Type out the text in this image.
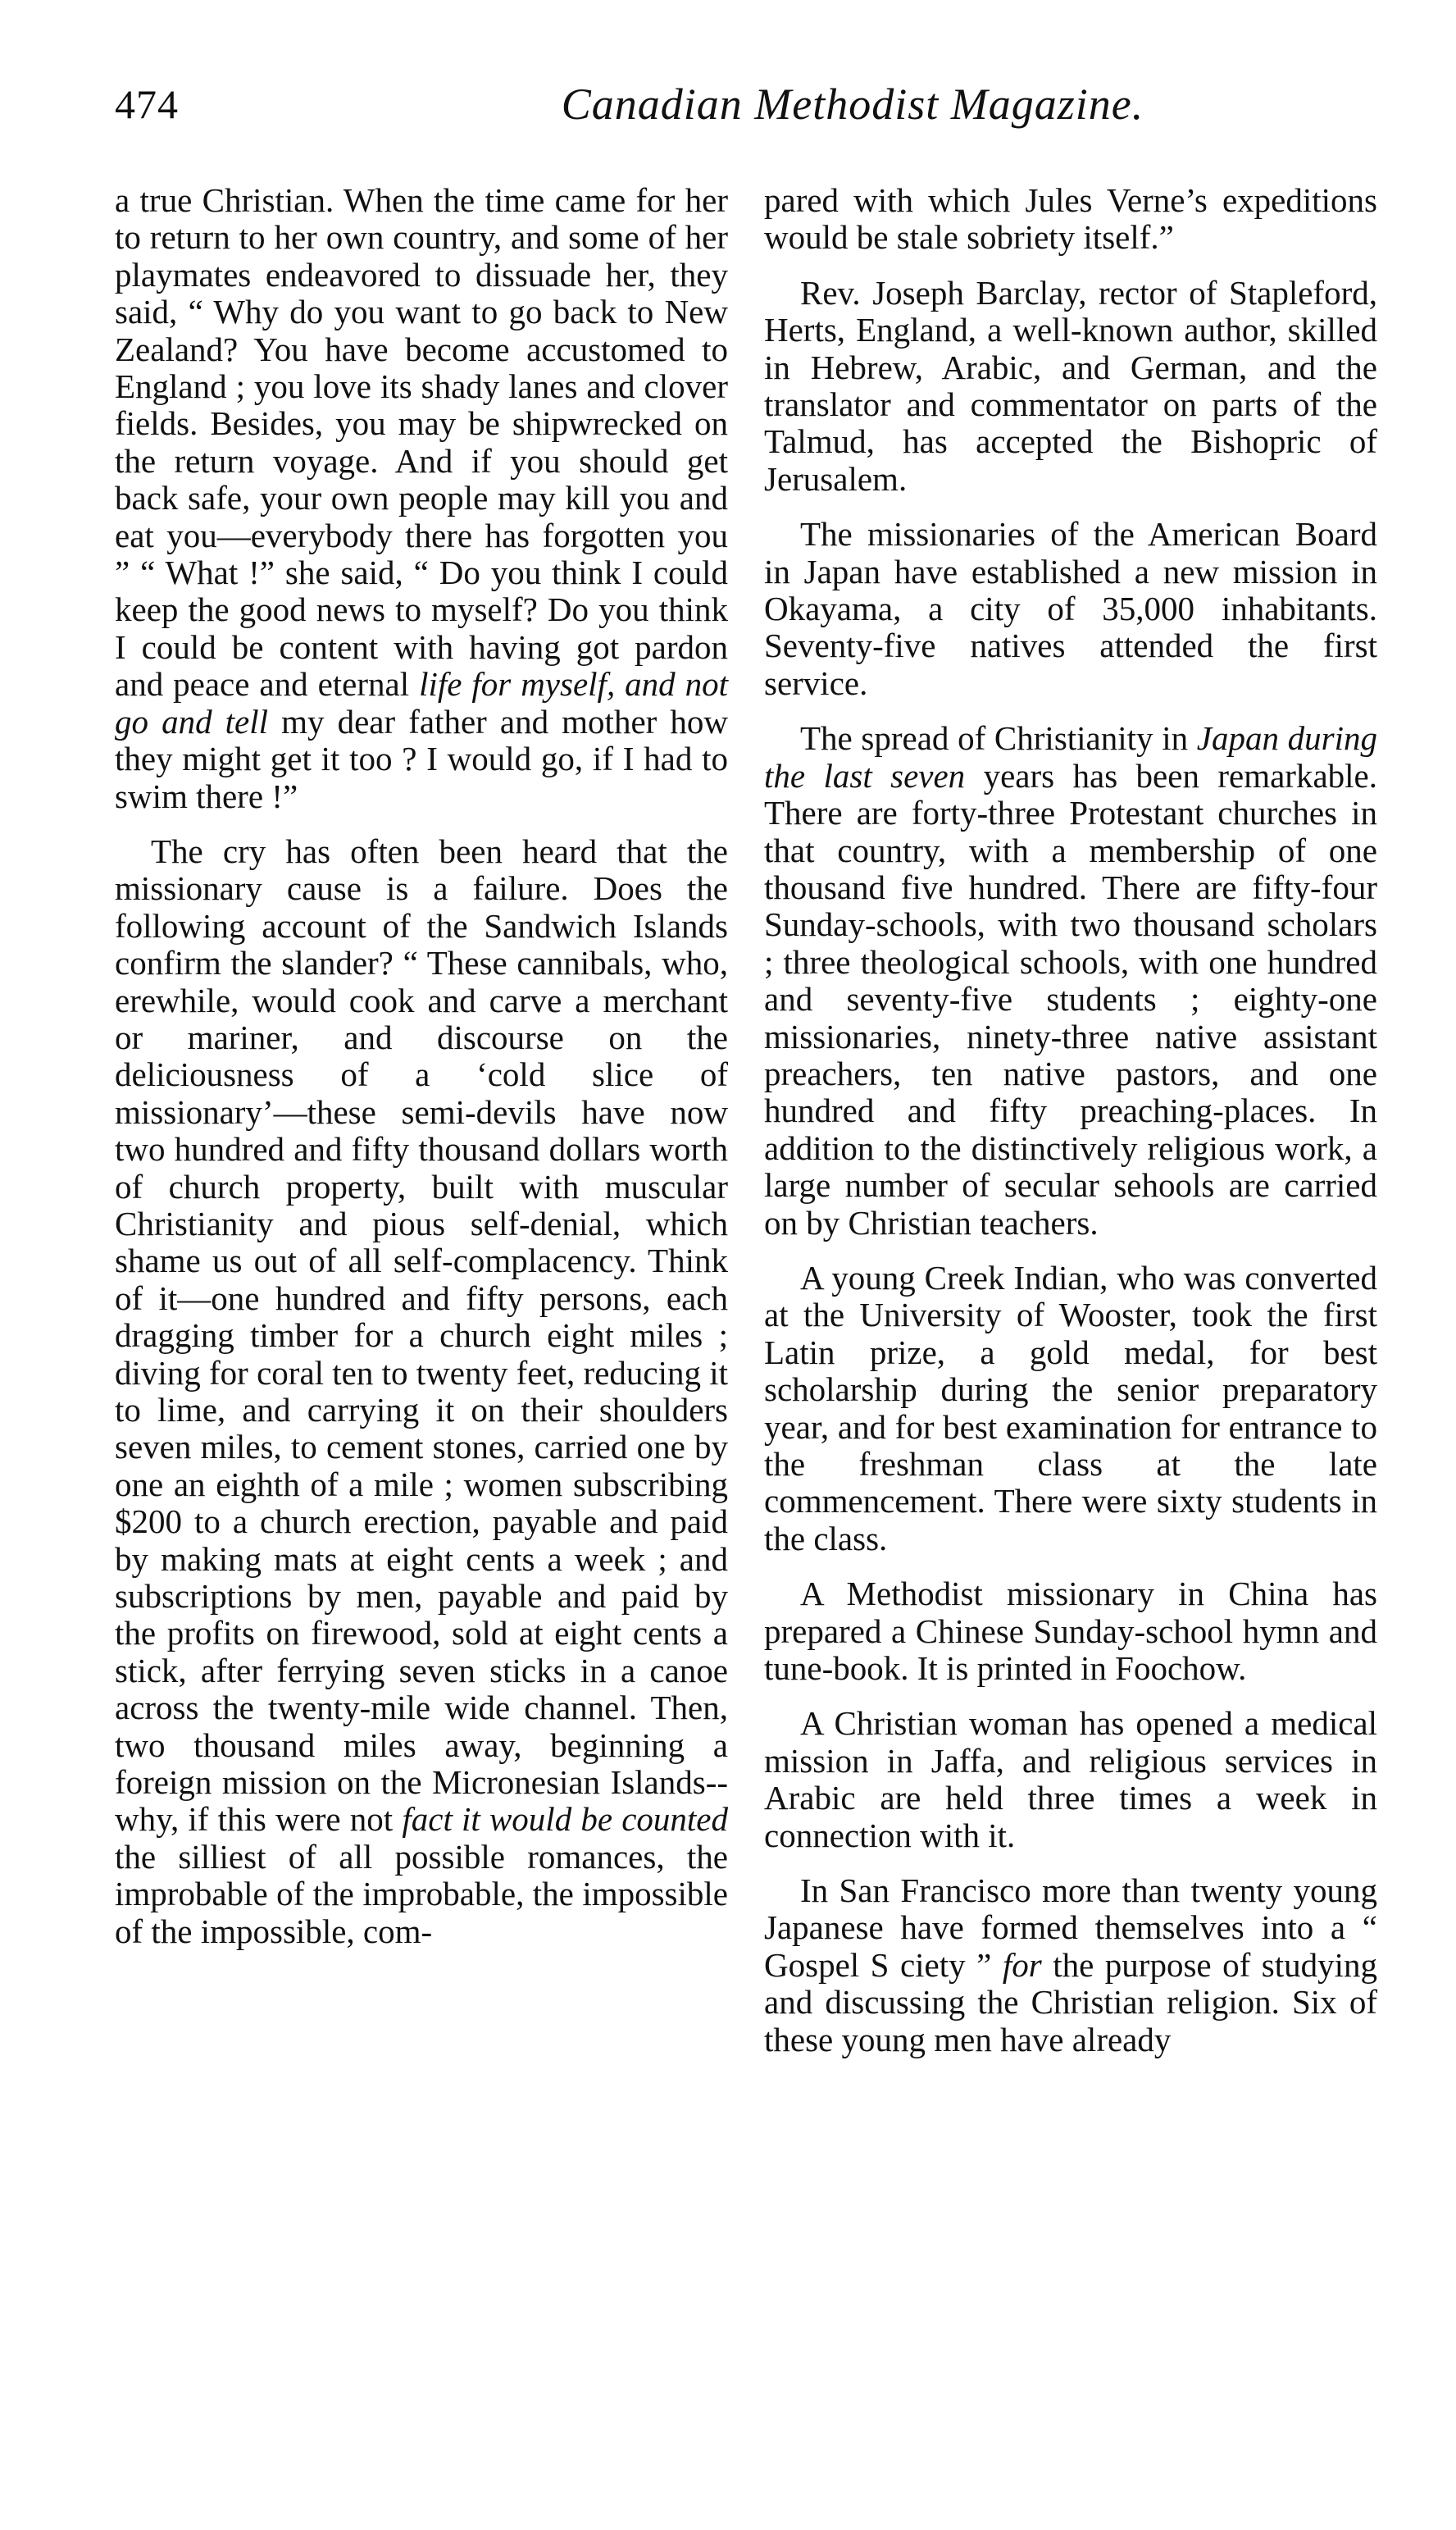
474	Canadian Methodist Magazine.

a true Christian. When the time came for her to return to her own country, and some of her playmates endeavored to dissuade her, they said, “ Why do you want to go back to New Zealand? You have become accustomed to England ; you love its shady lanes and clover fields. Besides, you may be shipwrecked on the return voyage. And if you should get back safe, your own people may kill you and eat you—everybody there has forgotten you ” “ What !” she said, “ Do you think I could keep the good news to myself? Do you think I could be content with having got pardon and peace and eternal life for myself, and not go and tell my dear father and mother how they might get it too ? I would go, if I had to swim there !”

The cry has often been heard that the missionary cause is a failure. Does the following account of the Sandwich Islands confirm the slander? “ These cannibals, who, erewhile, would cook and carve a merchant or mariner, and discourse on the deliciousness of a ‘cold slice of missionary’—these semi-devils have now two hundred and fifty thousand dollars worth of church property, built with muscular Christianity and pious self-denial, which shame us out of all self-complacency. Think of it—one hundred and fifty persons, each dragging timber for a church eight miles ; diving for coral ten to twenty feet, reducing it to lime, and carrying it on their shoulders seven miles, to cement stones, carried one by one an eighth of a mile ; women subscribing $200 to a church erection, payable and paid by making mats at eight cents a week ; and subscriptions by men, payable and paid by the profits on firewood, sold at eight cents a stick, after ferrying seven sticks in a canoe across the twenty-mile wide channel. Then, two thousand miles away, beginning a foreign mission on the Micronesian Islands--why, if this were not fact it would be counted the silliest of all possible romances, the improbable of the improbable, the impossible of the impossible, com-

pared with which Jules Verne’s expeditions would be stale sobriety itself.”

Rev. Joseph Barclay, rector of Stapleford, Herts, England, a well-known author, skilled in Hebrew, Arabic, and German, and the translator and commentator on parts of the Talmud, has accepted the Bishopric of Jerusalem.

The missionaries of the American Board in Japan have established a new mission in Okayama, a city of 35,000 inhabitants. Seventy-five natives attended the first service.

The spread of Christianity in Japan during the last seven years has been remarkable. There are forty-three Protestant churches in that country, with a membership of one thousand five hundred. There are fifty-four Sunday-schools, with two thousand scholars ; three theological schools, with one hundred and seventy-five students ; eighty-one missionaries, ninety-three native assistant preachers, ten native pastors, and one hundred and fifty preaching-places. In addition to the distinctively religious work, a large number of secular sehools are carried on by Christian teachers.

A young Creek Indian, who was converted at the University of Wooster, took the first Latin prize, a gold medal, for best scholarship during the senior preparatory year, and for best examination for entrance to the freshman class at the late commencement. There were sixty students in the class.

A Methodist missionary in China has prepared a Chinese Sunday-school hymn and tune-book. It is printed in Foochow.

A Christian woman has opened a medical mission in Jaffa, and religious services in Arabic are held three times a week in connection with it.

In San Francisco more than twenty young Japanese have formed themselves into a “ Gospel S ciety ” for the purpose of studying and discussing the Christian religion. Six of these young men have already
